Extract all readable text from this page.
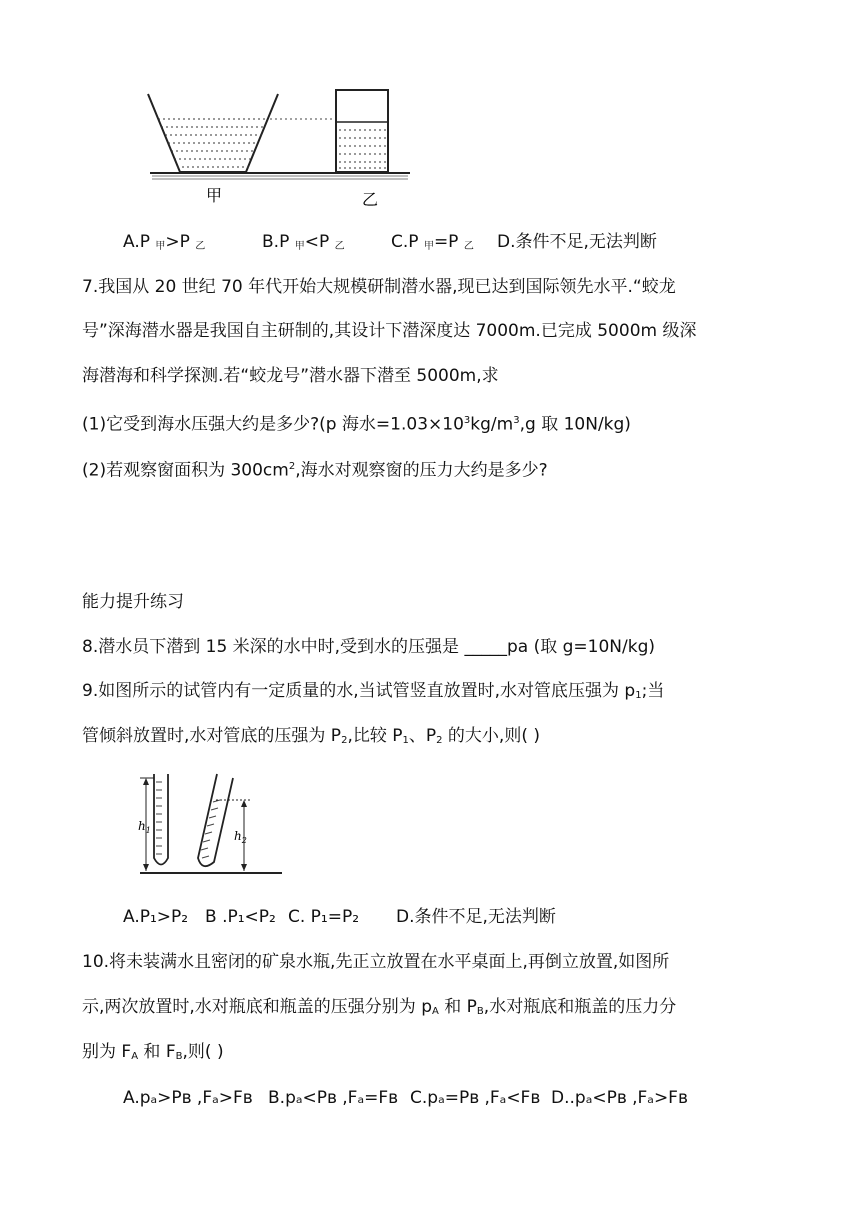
甲	乙
A.P $_甲$>P $_乙$	B.P $_甲$<P $_乙$	C.P $_甲$=P $_乙$ D.条件不足,无法判断
7.我国从 20 世纪 70 年代开始大规模研制潜水器,现已达到国际领先水平.“蛟龙
号”深海潜水器是我国自主研制的,其设计下潜深度达 7000m.已完成 5000m 级深
海潜海和科学探测.若“蛟龙号”潜水器下潜至 5000m,求
(1)它受到海水压强大约是多少?(p 海水$=1.03\times 10^3kg/m^3,g$ 取 10N/kg)
(2)若观察窗面积为 $300cm^2$,海水对观察窗的压力大约是多少?
能力提升练习
8.潜水员下潜到 15 米深的水中时,受到水的压强是 _____pa (取 g=10N/kg)
9.如图所示的试管内有一定质量的水,当试管竖直放置时,水对管底压强为 $p_1$;当
管倾斜放置时,水对管底的压强为 $P_2$,比较 $P_1$、$P_2$ 的大小,则( )
$h_1$	$h_2$
A.P₁>P₂ B .P₁<P₂ C. P₁=P₂ D.条件不足,无法判断
10.将未装满水且密闭的矿泉水瓶,先正立放置在水平桌面上,再倒立放置,如图所
示,两次放置时,水对瓶底和瓶盖的压强分别为 $p_A$ 和 $P_B$,水对瓶底和瓶盖的压力分
别为 $F_A$ 和 $F_B$,则( )
A.pₐ>Pʙ ,Fₐ>Fʙ B.pₐ<Pʙ ,Fₐ=Fʙ C.pₐ=Pʙ ,Fₐ<Fʙ D..pₐ<Pʙ ,Fₐ>Fʙ
